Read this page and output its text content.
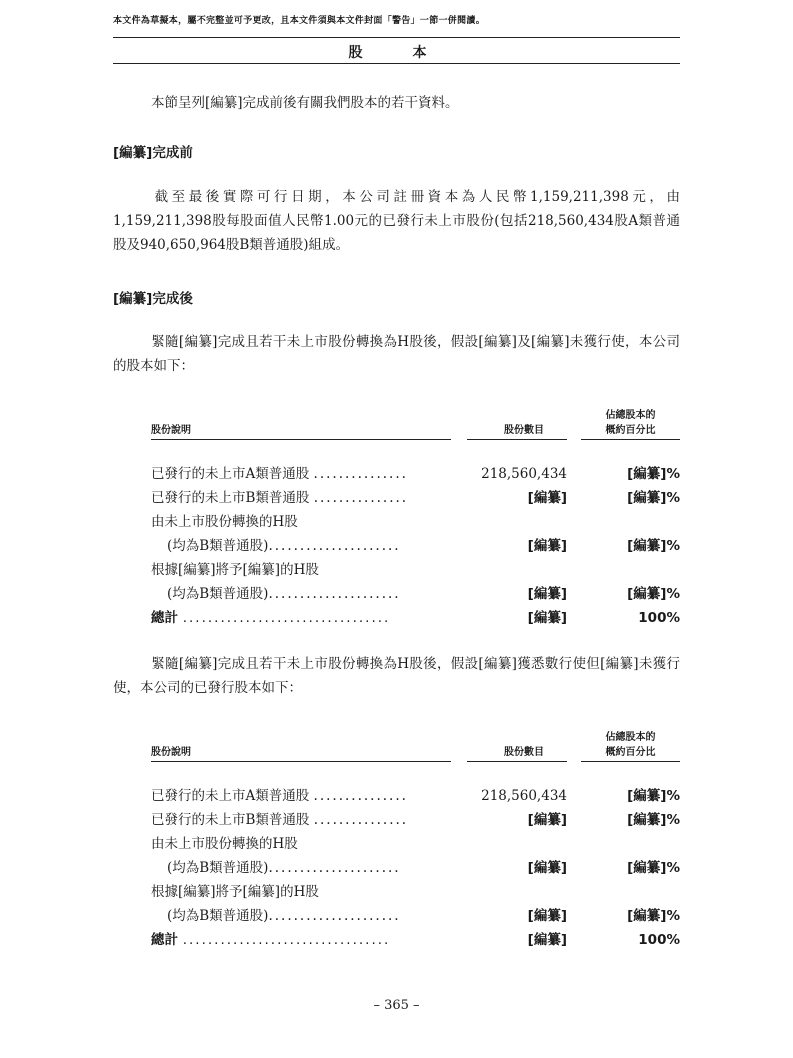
本文件為草擬本，屬不完整並可予更改，且本文件須與本文件封面「警告」一節一併閱讀。
股　本
本節呈列[編纂]完成前後有關我們股本的若干資料。
[編纂]完成前
截至最後實際可行日期，本公司註冊資本為人民幣1,159,211,398元，由1,159,211,398股每股面值人民幣1.00元的已發行未上市股份(包括218,560,434股A類普通股及940,650,964股B類普通股)組成。
[編纂]完成後
緊隨[編纂]完成且若干未上市股份轉換為H股後，假設[編纂]及[編纂]未獲行使，本公司的股本如下：
股份說明	股份數目
佔總股本的
概約百分比
已發行的未上市A類普通股 ...............	218,560,434	[編纂]%
已發行的未上市B類普通股 ...............	[編纂]	[編纂]%
由未上市股份轉換的H股
(均為B類普通股).....................	[編纂]	[編纂]%
根據[編纂]將予[編纂]的H股
(均為B類普通股).....................	[編纂]	[編纂]%
總計 .................................	[編纂]	100%
緊隨[編纂]完成且若干未上市股份轉換為H股後，假設[編纂]獲悉數行使但[編纂]未獲行使，本公司的已發行股本如下：
股份說明	股份數目
佔總股本的
概約百分比
已發行的未上市A類普通股 ...............	218,560,434	[編纂]%
已發行的未上市B類普通股 ...............	[編纂]	[編纂]%
由未上市股份轉換的H股
(均為B類普通股).....................	[編纂]	[編纂]%
根據[編纂]將予[編纂]的H股
(均為B類普通股).....................	[編纂]	[編纂]%
總計 .................................	[編纂]	100%
– 365 –
